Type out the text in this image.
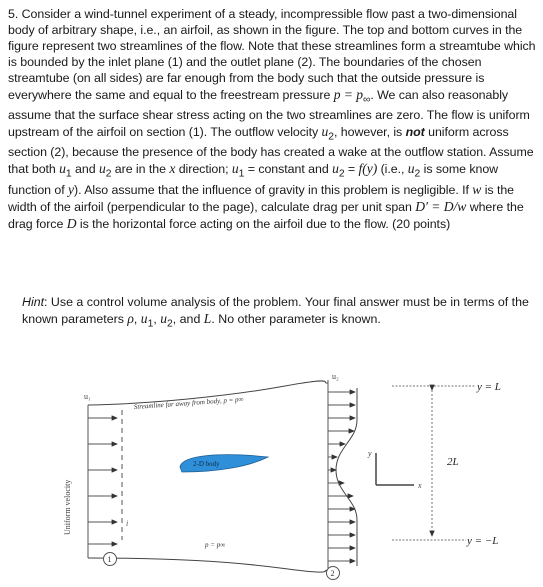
5. Consider a wind-tunnel experiment of a steady, incompressible flow past a two-dimensional body of arbitrary shape, i.e., an airfoil, as shown in the figure. The top and bottom curves in the figure represent two streamlines of the flow. Note that these streamlines form a streamtube which is bounded by the inlet plane (1) and the outlet plane (2). The boundaries of the chosen streamtube (on all sides) are far enough from the body such that the outside pressure is everywhere the same and equal to the freestream pressure $p = p_\infty$. We can also reasonably assume that the surface shear stress acting on the two streamlines are zero. The flow is uniform upstream of the airfoil on section (1). The outflow velocity $u_2$, however, is not uniform across section (2), because the presence of the body has created a wake at the outflow station. Assume that both $u_1$ and $u_2$ are in the x direction; $u_1$ = constant and $u_2 = f(y)$ (i.e., $u_2$ is some know function of y). Also assume that the influence of gravity in this problem is negligible. If w is the width of the airfoil (perpendicular to the page), calculate drag per unit span D′ = D/w where the drag force D is the horizontal force acting on the airfoil due to the flow. (20 points)

Hint: Use a control volume analysis of the problem. Your final answer must be in terms of the known parameters ρ, $u_1$, $u_2$, and L. No other parameter is known.

Uniform velocity
u₁
i
Streamline far away from body, p = p∞
p = p∞
2-D body
u₂
y
x
y = L
y = −L
2L
1
2
